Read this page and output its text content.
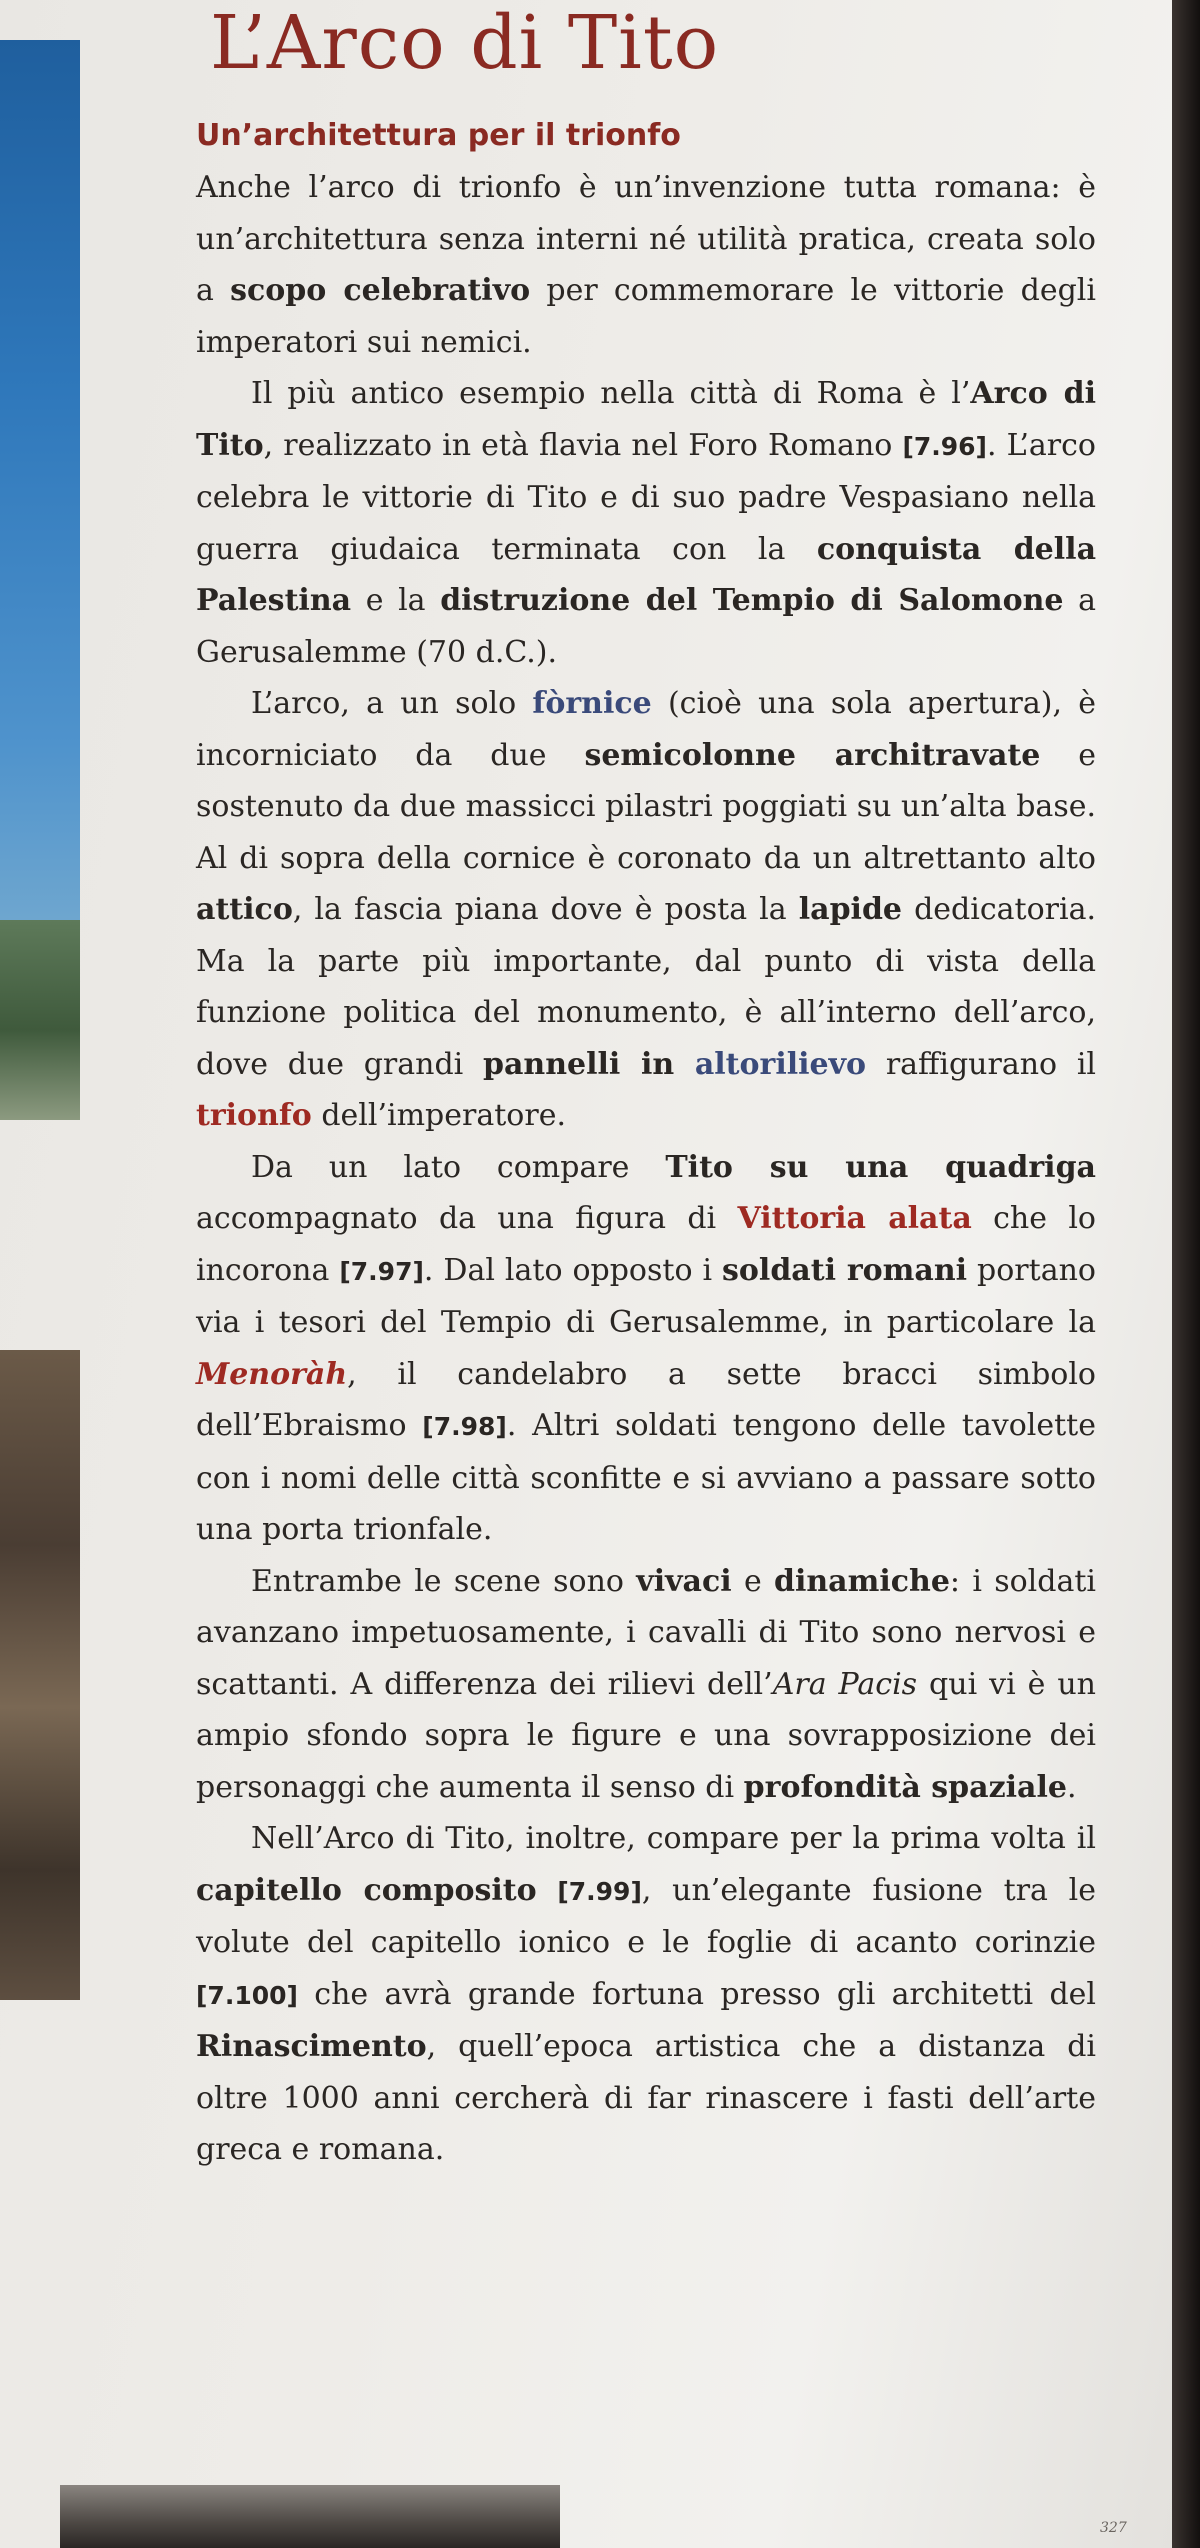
L’Arco di Tito
Un’architettura per il trionfo

Anche l’arco di trionfo è un’invenzione tutta romana: è un’architettura senza interni né utilità pratica, creata solo a scopo celebrativo per commemorare le vittorie degli imperatori sui nemici.

Il più antico esempio nella città di Roma è l’Arco di Tito, realizzato in età flavia nel Foro Romano [7.96]. L’arco celebra le vittorie di Tito e di suo padre Vespasiano nella guerra giudaica terminata con la conquista della Palestina e la distruzione del Tempio di Salomone a Gerusalemme (70 d.C.).

L’arco, a un solo fòrnice (cioè una sola apertura), è incorniciato da due semicolonne architravate e sostenuto da due massicci pilastri poggiati su un’alta base. Al di sopra della cornice è coronato da un altrettanto alto attico, la fascia piana dove è posta la lapide dedicatoria. Ma la parte più importante, dal punto di vista della funzione politica del monumento, è all’interno dell’arco, dove due grandi pannelli in altorilievo raffigurano il trionfo dell’imperatore.

Da un lato compare Tito su una quadriga accompagnato da una figura di Vittoria alata che lo incorona [7.97]. Dal lato opposto i soldati romani portano via i tesori del Tempio di Gerusalemme, in particolare la Menoràh, il candelabro a sette bracci simbolo dell’Ebraismo [7.98]. Altri soldati tengono delle tavolette con i nomi delle città sconfitte e si avviano a passare sotto una porta trionfale.

Entrambe le scene sono vivaci e dinamiche: i soldati avanzano impetuosamente, i cavalli di Tito sono nervosi e scattanti. A differenza dei rilievi dell’Ara Pacis qui vi è un ampio sfondo sopra le figure e una sovrapposizione dei personaggi che aumenta il senso di profondità spaziale.

Nell’Arco di Tito, inoltre, compare per la prima volta il capitello composito [7.99], un’elegante fusione tra le volute del capitello ionico e le foglie di acanto corinzie [7.100] che avrà grande fortuna presso gli architetti del Rinascimento, quell’epoca artistica che a distanza di oltre 1000 anni cercherà di far rinascere i fasti dell’arte greca e romana.

327
